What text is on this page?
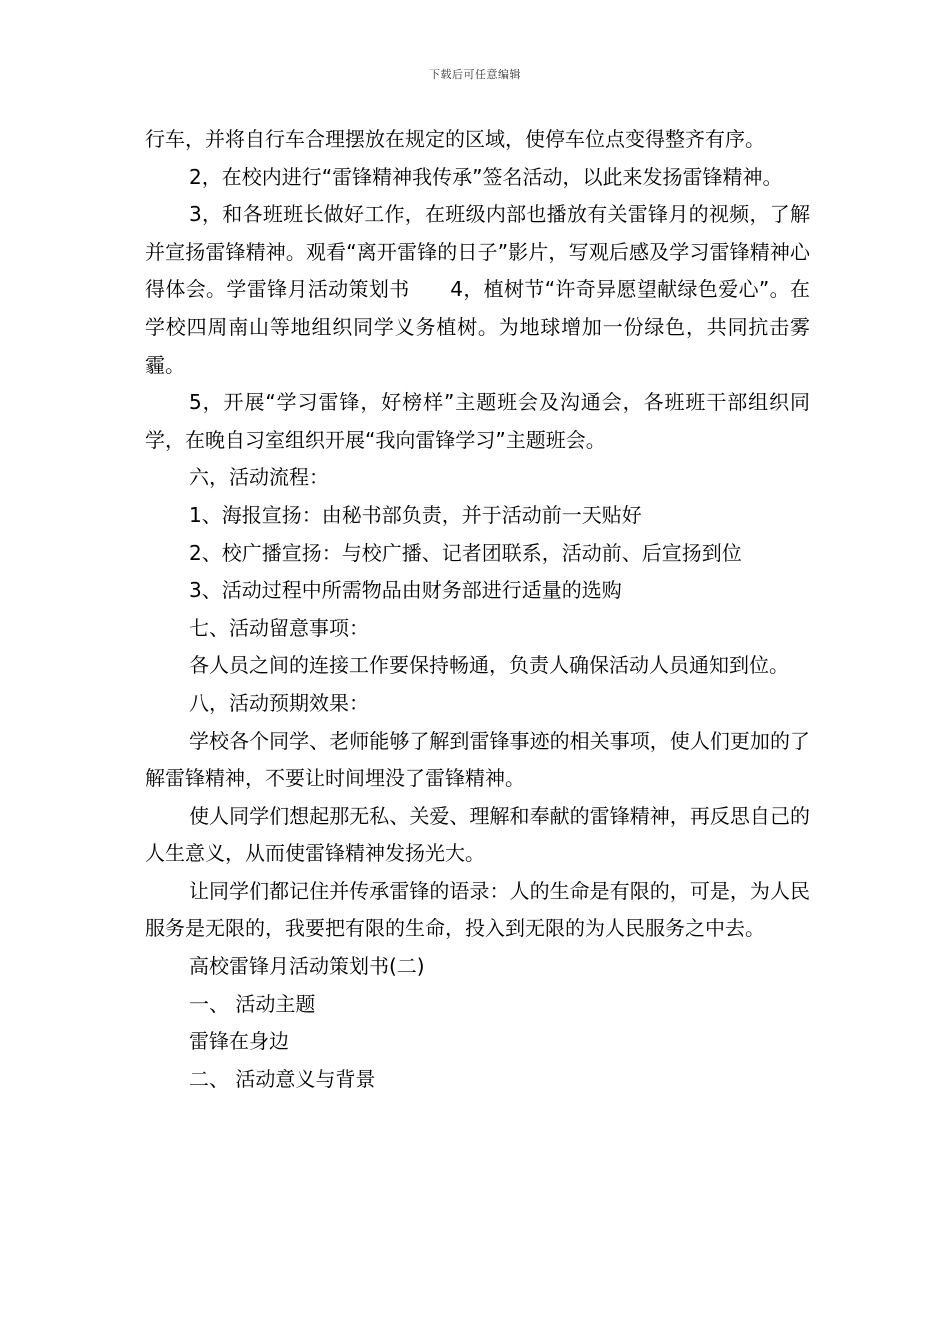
下载后可任意编辑

行车，并将自行车合理摆放在规定的区域，使停车位点变得整齐有序。

2，在校内进行“雷锋精神我传承”签名活动，以此来发扬雷锋精神。

3，和各班班长做好工作，在班级内部也播放有关雷锋月的视频，了解并宣扬雷锋精神。观看“离开雷锋的日子”影片，写观后感及学习雷锋精神心得体会。学雷锋月活动策划书　　4，植树节“许奇异愿望献绿色爱心”。在学校四周南山等地组织同学义务植树。为地球增加一份绿色，共同抗击雾霾。

5，开展“学习雷锋，好榜样”主题班会及沟通会，各班班干部组织同学，在晚自习室组织开展“我向雷锋学习”主题班会。

六，活动流程：

1、海报宣扬：由秘书部负责，并于活动前一天贴好

2、校广播宣扬：与校广播、记者团联系，活动前、后宣扬到位

3、活动过程中所需物品由财务部进行适量的选购

七、活动留意事项：

各人员之间的连接工作要保持畅通，负责人确保活动人员通知到位。

八，活动预期效果：

学校各个同学、老师能够了解到雷锋事迹的相关事项，使人们更加的了解雷锋精神，不要让时间埋没了雷锋精神。

使人同学们想起那无私、关爱、理解和奉献的雷锋精神，再反思自己的人生意义，从而使雷锋精神发扬光大。

让同学们都记住并传承雷锋的语录：人的生命是有限的，可是，为人民服务是无限的，我要把有限的生命，投入到无限的为人民服务之中去。

高校雷锋月活动策划书(二)

一、 活动主题

雷锋在身边

二、 活动意义与背景
